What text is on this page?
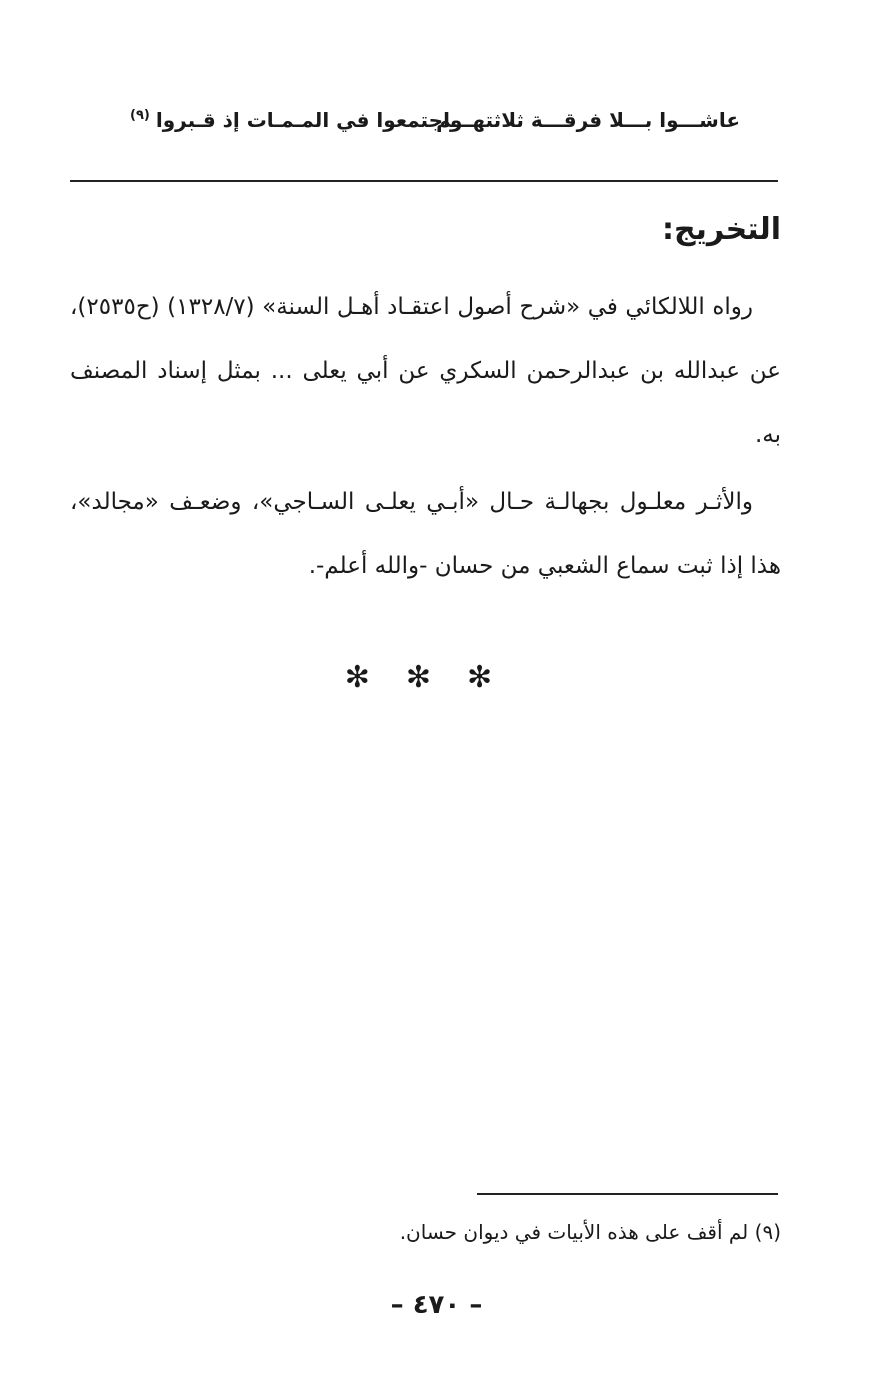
عاشـــوا بـــلا فرقـــة ثلاثتهـــم
واجتمعوا في المـمـات إذ قـبروا$^{(٩)}$
التخريج:
رواه اللالكائي في «شرح أصول اعتقـاد أهـل السنة» (١٣٢٨/٧) (ح٢٥٣٥)، عن عبدالله بن عبدالرحمن السكري عن أبي يعلى ... بمثل إسناد المصنف به.
والأثـر معلـول بجهالـة حـال «أبـي يعلـى السـاجي»، وضعـف «مجالد»، هذا إذا ثبت سماع الشعبي من حسان -والله أعلم-.
✻✻✻
(٩) لم أقف على هذه الأبيات في ديوان حسان.
– ٤٧٠ –
